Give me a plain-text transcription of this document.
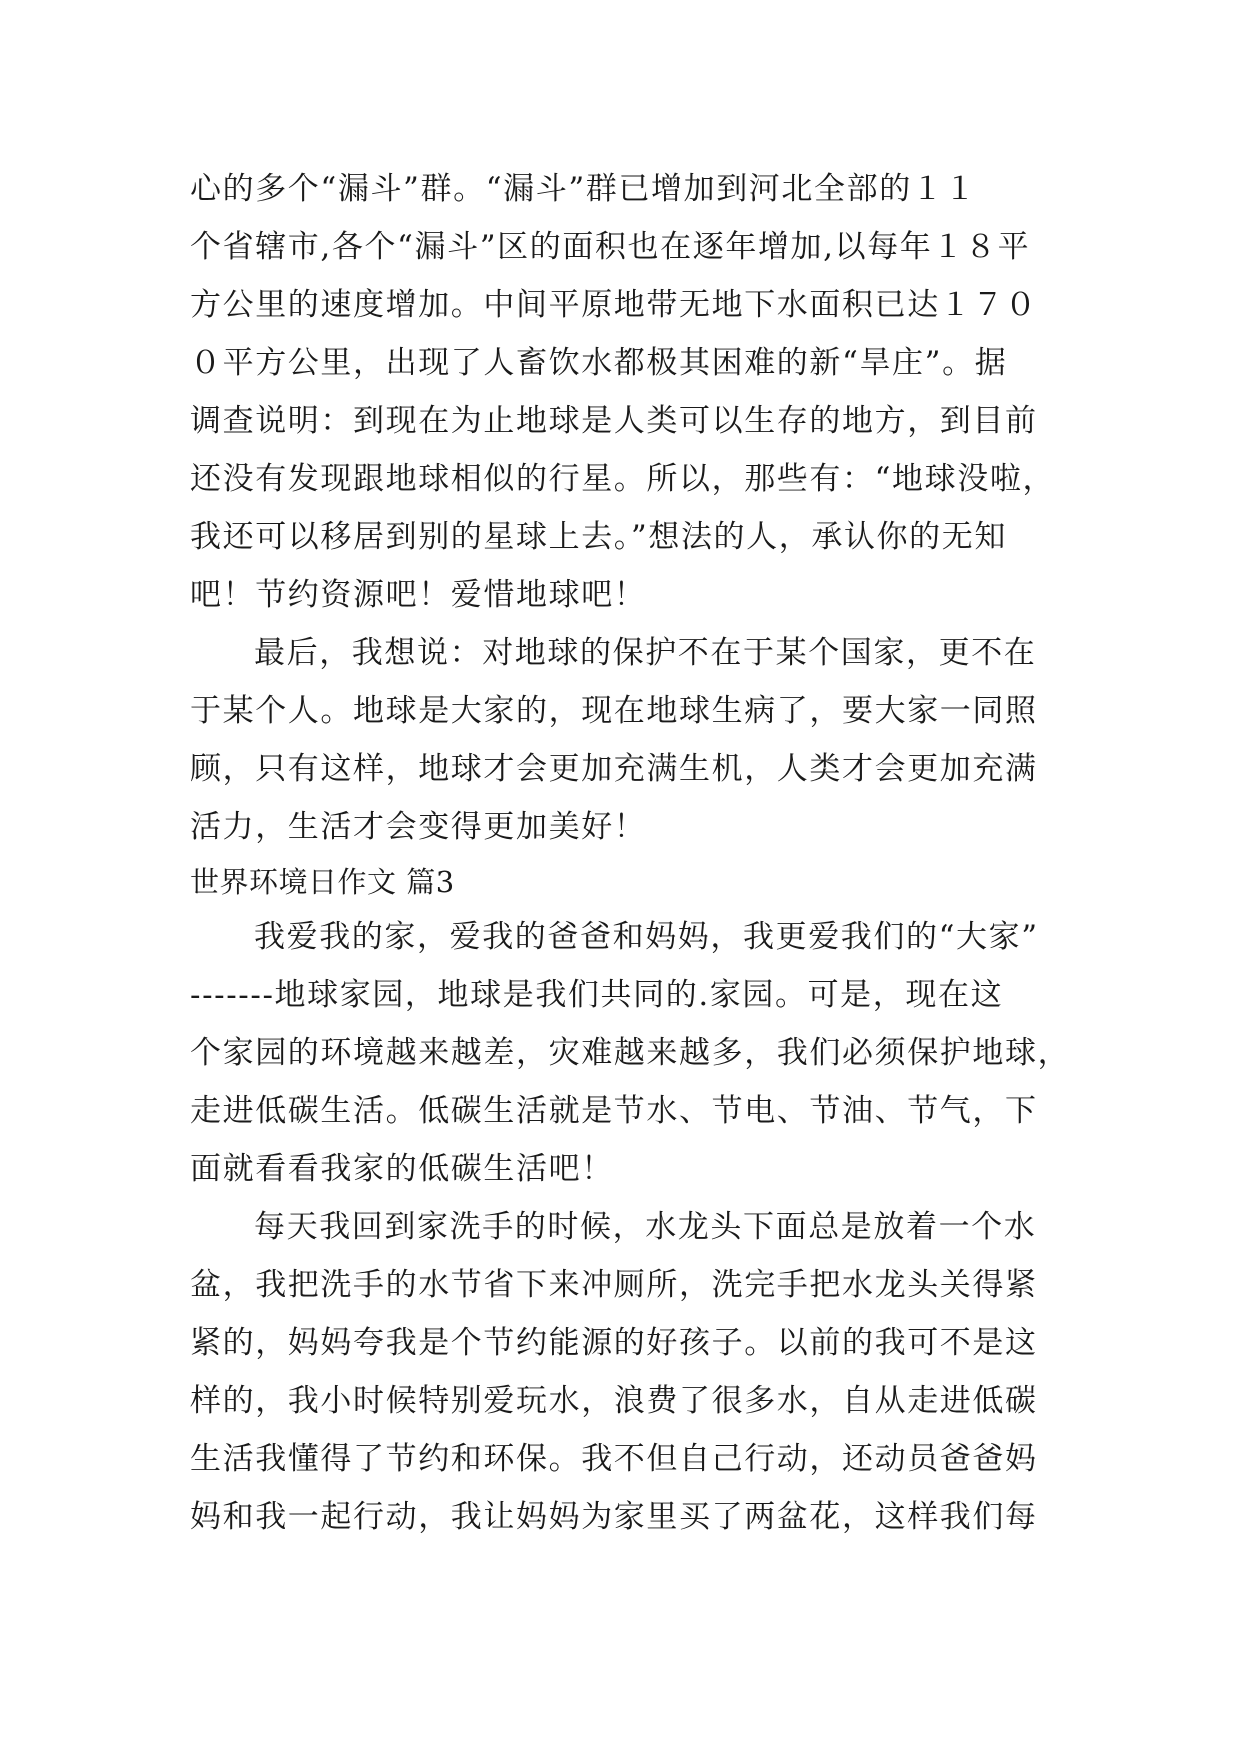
心的多个“漏斗”群。“漏斗”群已增加到河北全部的１１
个省辖市,各个“漏斗”区的面积也在逐年增加,以每年１８平
方公里的速度增加。中间平原地带无地下水面积已达１７０
０平方公里，出现了人畜饮水都极其困难的新“旱庄”。据
调查说明：到现在为止地球是人类可以生存的地方，到目前
还没有发现跟地球相似的行星。所以，那些有：“地球没啦，
我还可以移居到别的星球上去。”想法的人，承认你的无知
吧！节约资源吧！爱惜地球吧！
最后，我想说：对地球的保护不在于某个国家，更不在
于某个人。地球是大家的，现在地球生病了，要大家一同照
顾，只有这样，地球才会更加充满生机，人类才会更加充满
活力，生活才会变得更加美好！
世界环境日作文 篇3
我爱我的家，爱我的爸爸和妈妈，我更爱我们的“大家”
-------地球家园，地球是我们共同的.家园。可是，现在这
个家园的环境越来越差，灾难越来越多，我们必须保护地球，
走进低碳生活。低碳生活就是节水、节电、节油、节气，下
面就看看我家的低碳生活吧！
每天我回到家洗手的时候，水龙头下面总是放着一个水
盆，我把洗手的水节省下来冲厕所，洗完手把水龙头关得紧
紧的，妈妈夸我是个节约能源的好孩子。以前的我可不是这
样的，我小时候特别爱玩水，浪费了很多水，自从走进低碳
生活我懂得了节约和环保。我不但自己行动，还动员爸爸妈
妈和我一起行动，我让妈妈为家里买了两盆花，这样我们每
